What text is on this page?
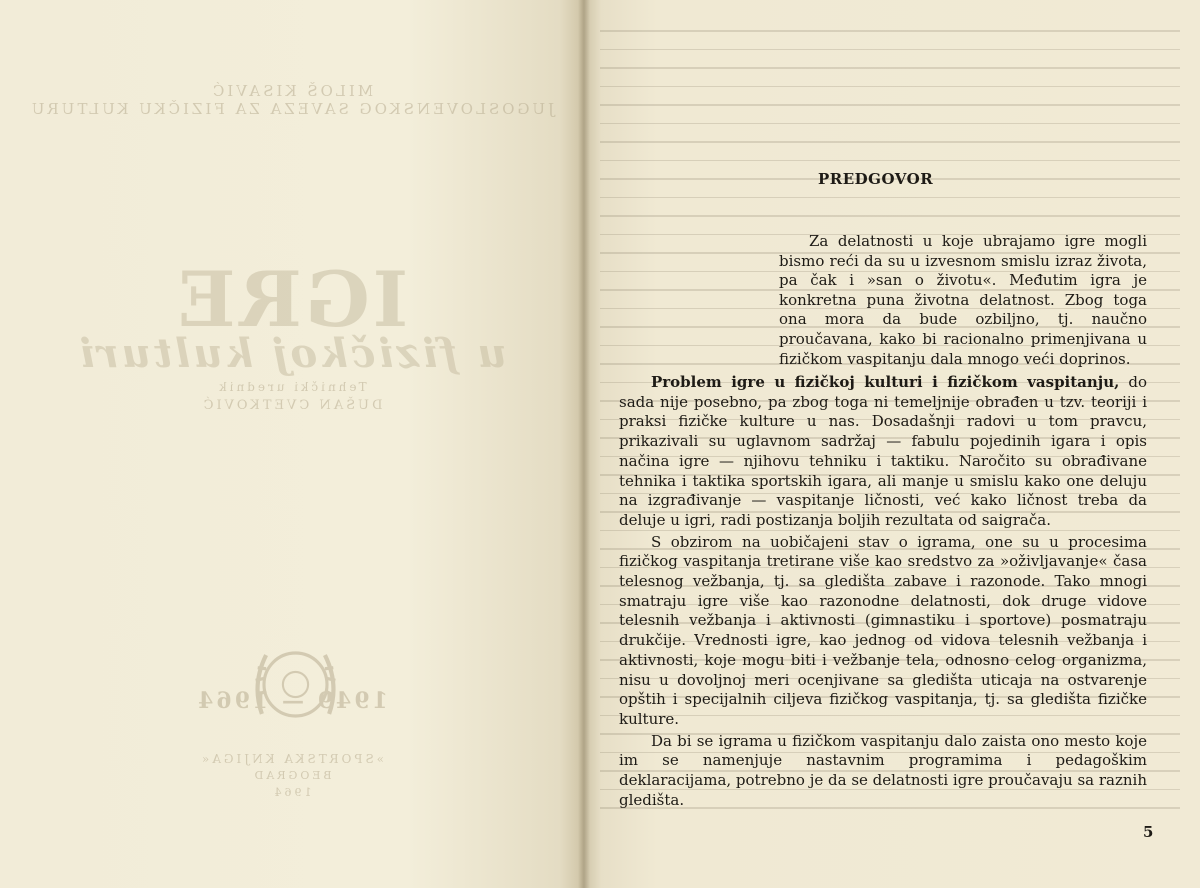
MILOŠ KISAVIĆ
JUGOSLOVENSKOG SAVEZA ZA FIZIČKU KULTURU
IGRE
u fizičkoj kulturi
Tehnički urednik
DUŠAN CVETKOVIĆ
1949 — 1964
»SPORTSKA KNJIGA«
BEOGRAD
1964
PREDGOVOR

Za delatnosti u koje ubrajamo igre mogli bismo reći da su u izvesnom smislu izraz života, pa čak i »san o životu«. Međutim igra je konkretna puna životna delatnost. Zbog toga ona mora da bude ozbiljno, tj. naučno proučavana, kako bi racionalno primenjivana u fizičkom vaspitanju dala mnogo veći doprinos.

Problem igre u fizičkoj kulturi i fizičkom vaspitanju, do sada nije posebno, pa zbog toga ni temeljnije obrađen u tzv. teoriji i praksi fizičke kulture u nas. Dosadašnji radovi u tom pravcu, prikazivali su uglavnom sadržaj — fabulu pojedinih igara i opis načina igre — njihovu tehniku i taktiku. Naročito su obrađivane tehnika i taktika sportskih igara, ali manje u smislu kako one deluju na izgrađivanje — vaspitanje ličnosti, već kako ličnost treba da deluje u igri, radi postizanja boljih rezultata od saigrača.

S obzirom na uobičajeni stav o igrama, one su u procesima fizičkog vaspitanja tretirane više kao sredstvo za »oživljavanje« časa telesnog vežbanja, tj. sa gledišta zabave i razonode. Tako mnogi smatraju igre više kao razonodne delatnosti, dok druge vidove telesnih vežbanja i aktivnosti (gimnastiku i sportove) posmatraju drukčije. Vrednosti igre, kao jednog od vidova telesnih vežbanja i aktivnosti, koje mogu biti i vežbanje tela, odnosno celog organizma, nisu u dovoljnoj meri ocenjivane sa gledišta uticaja na ostvarenje opštih i specijalnih ciljeva fizičkog vaspitanja, tj. sa gledišta fizičke kulture.

Da bi se igrama u fizičkom vaspitanju dalo zaista ono mesto koje im se namenjuje nastavnim programima i pedagoškim deklaracijama, potrebno je da se delatnosti igre proučavaju sa raznih gledišta.

5
